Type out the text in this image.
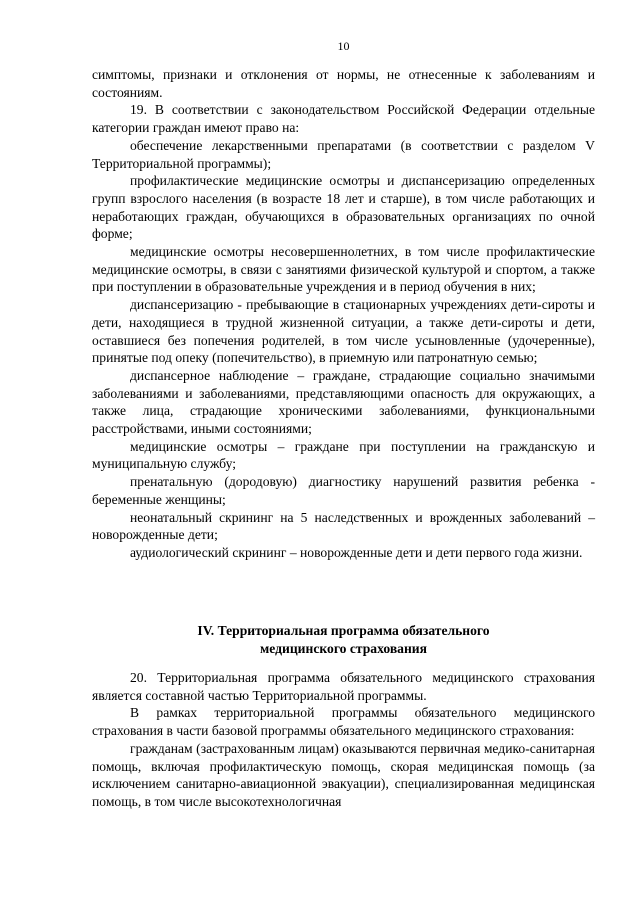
10

симптомы, признаки и отклонения от нормы, не отнесенные к заболеваниям и состояниям.

19. В соответствии с законодательством Российской Федерации отдельные категории граждан имеют право на:

обеспечение лекарственными препаратами (в соответствии с разделом V Территориальной программы);

профилактические медицинские осмотры и диспансеризацию определенных групп взрослого населения (в возрасте 18 лет и старше), в том числе работающих и неработающих граждан, обучающихся в образовательных организациях по очной форме;

медицинские осмотры несовершеннолетних, в том числе профилактические медицинские осмотры, в связи с занятиями физической культурой и спортом, а также при поступлении в образовательные учреждения и в период обучения в них;

диспансеризацию - пребывающие в стационарных учреждениях дети-сироты и дети, находящиеся в трудной жизненной ситуации, а также дети-сироты и дети, оставшиеся без попечения родителей, в том числе усыновленные (удочеренные), принятые под опеку (попечительство), в приемную или патронатную семью;

диспансерное наблюдение – граждане, страдающие социально значимыми заболеваниями и заболеваниями, представляющими опасность для окружающих, а также лица, страдающие хроническими заболеваниями, функциональными расстройствами, иными состояниями;

медицинские осмотры – граждане при поступлении на гражданскую и муниципальную службу;

пренатальную (дородовую) диагностику нарушений развития ребенка - беременные женщины;

неонатальный скрининг на 5 наследственных и врожденных заболеваний – новорожденные дети;

аудиологический скрининг – новорожденные дети и дети первого года жизни.

IV. Территориальная программа обязательного
медицинского страхования

20. Территориальная программа обязательного медицинского страхования является составной частью Территориальной программы.

В рамках территориальной программы обязательного медицинского страхования в части базовой программы обязательного медицинского страхования:

гражданам (застрахованным лицам) оказываются первичная медико-санитарная помощь, включая профилактическую помощь, скорая медицинская помощь (за исключением санитарно-авиационной эвакуации), специализированная медицинская помощь, в том числе высокотехнологичная
